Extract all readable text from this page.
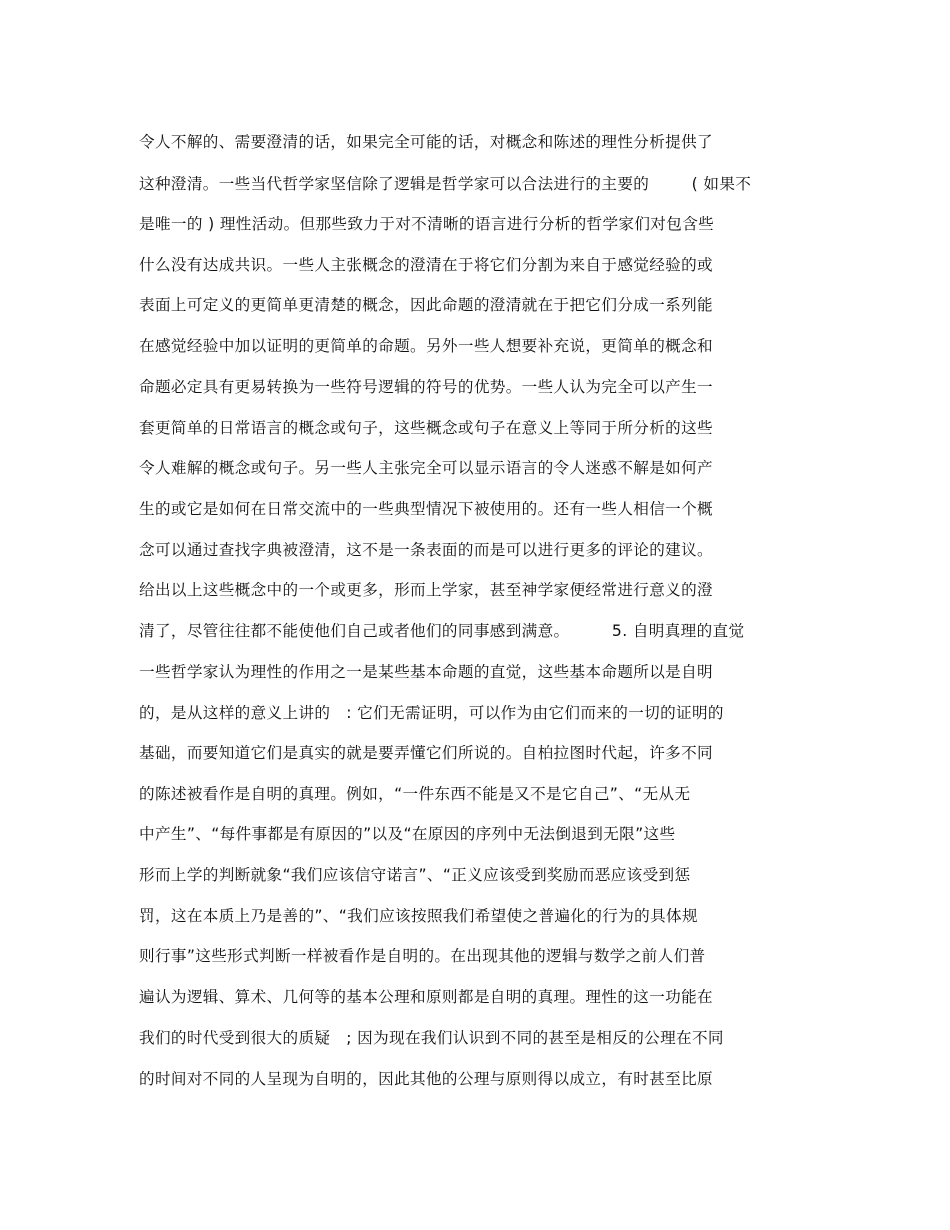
令人不解的、需要澄清的话，如果完全可能的话，对概念和陈述的理性分析提供了
这种澄清。一些当代哲学家坚信除了逻辑是哲学家可以合法进行的主要的        ( 如果不
是唯一的 ) 理性活动。但那些致力于对不清晰的语言进行分析的哲学家们对包含些
什么没有达成共识。一些人主张概念的澄清在于将它们分割为来自于感觉经验的或
表面上可定义的更简单更清楚的概念，因此命题的澄清就在于把它们分成一系列能
在感觉经验中加以证明的更简单的命题。另外一些人想要补充说，更简单的概念和
命题必定具有更易转换为一些符号逻辑的符号的优势。一些人认为完全可以产生一
套更简单的日常语言的概念或句子，这些概念或句子在意义上等同于所分析的这些
令人难解的概念或句子。另一些人主张完全可以显示语言的令人迷惑不解是如何产
生的或它是如何在日常交流中的一些典型情况下被使用的。还有一些人相信一个概
念可以通过查找字典被澄清，这不是一条表面的而是可以进行更多的评论的建议。
给出以上这些概念中的一个或更多，形而上学家，甚至神学家便经常进行意义的澄
清了，尽管往往都不能使他们自己或者他们的同事感到满意。        5. 自明真理的直觉
一些哲学家认为理性的作用之一是某些基本命题的直觉，这些基本命题所以是自明
的，是从这样的意义上讲的   : 它们无需证明，可以作为由它们而来的一切的证明的
基础，而要知道它们是真实的就是要弄懂它们所说的。自柏拉图时代起，许多不同
的陈述被看作是自明的真理。例如，“一件东西不能是又不是它自己”、“无从无
中产生”、“每件事都是有原因的”以及“在原因的序列中无法倒退到无限”这些
形而上学的判断就象“我们应该信守诺言”、“正义应该受到奖励而恶应该受到惩
罚，这在本质上乃是善的”、“我们应该按照我们希望使之普遍化的行为的具体规
则行事”这些形式判断一样被看作是自明的。在出现其他的逻辑与数学之前人们普
遍认为逻辑、算术、几何等的基本公理和原则都是自明的真理。理性的这一功能在
我们的时代受到很大的质疑   ; 因为现在我们认识到不同的甚至是相反的公理在不同
的时间对不同的人呈现为自明的，因此其他的公理与原则得以成立，有时甚至比原
